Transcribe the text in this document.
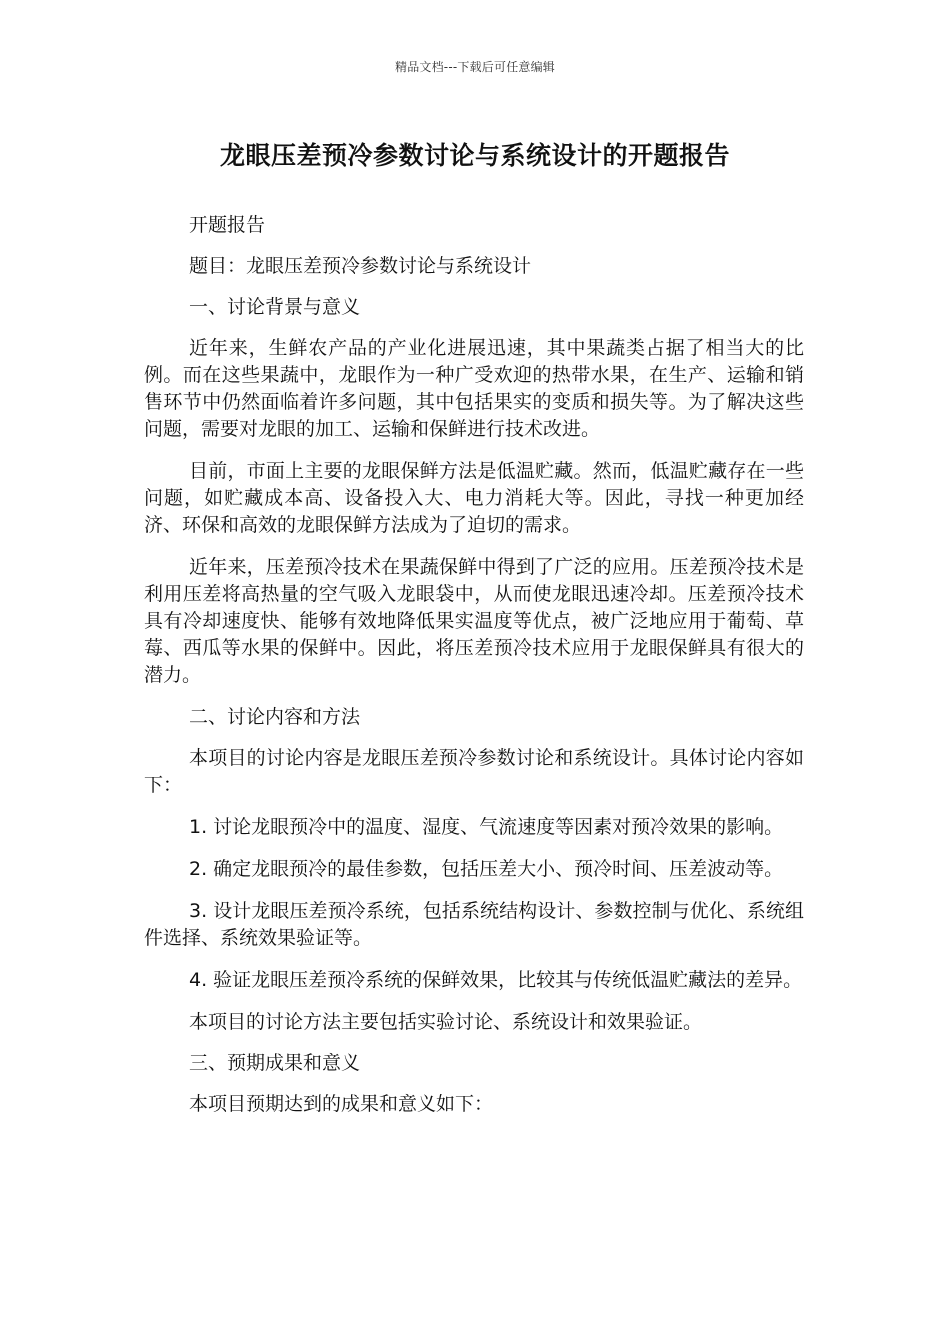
精品文档---下载后可任意编辑
龙眼压差预冷参数讨论与系统设计的开题报告

开题报告

题目：龙眼压差预冷参数讨论与系统设计

一、讨论背景与意义

近年来，生鲜农产品的产业化进展迅速，其中果蔬类占据了相当大的比例。而在这些果蔬中，龙眼作为一种广受欢迎的热带水果，在生产、运输和销售环节中仍然面临着许多问题，其中包括果实的变质和损失等。为了解决这些问题，需要对龙眼的加工、运输和保鲜进行技术改进。

目前，市面上主要的龙眼保鲜方法是低温贮藏。然而，低温贮藏存在一些问题，如贮藏成本高、设备投入大、电力消耗大等。因此，寻找一种更加经济、环保和高效的龙眼保鲜方法成为了迫切的需求。

近年来，压差预冷技术在果蔬保鲜中得到了广泛的应用。压差预冷技术是利用压差将高热量的空气吸入龙眼袋中，从而使龙眼迅速冷却。压差预冷技术具有冷却速度快、能够有效地降低果实温度等优点，被广泛地应用于葡萄、草莓、西瓜等水果的保鲜中。因此，将压差预冷技术应用于龙眼保鲜具有很大的潜力。

二、讨论内容和方法

本项目的讨论内容是龙眼压差预冷参数讨论和系统设计。具体讨论内容如下：

1. 讨论龙眼预冷中的温度、湿度、气流速度等因素对预冷效果的影响。

2. 确定龙眼预冷的最佳参数，包括压差大小、预冷时间、压差波动等。

3. 设计龙眼压差预冷系统，包括系统结构设计、参数控制与优化、系统组件选择、系统效果验证等。

4. 验证龙眼压差预冷系统的保鲜效果，比较其与传统低温贮藏法的差异。

本项目的讨论方法主要包括实验讨论、系统设计和效果验证。

三、预期成果和意义

本项目预期达到的成果和意义如下：
